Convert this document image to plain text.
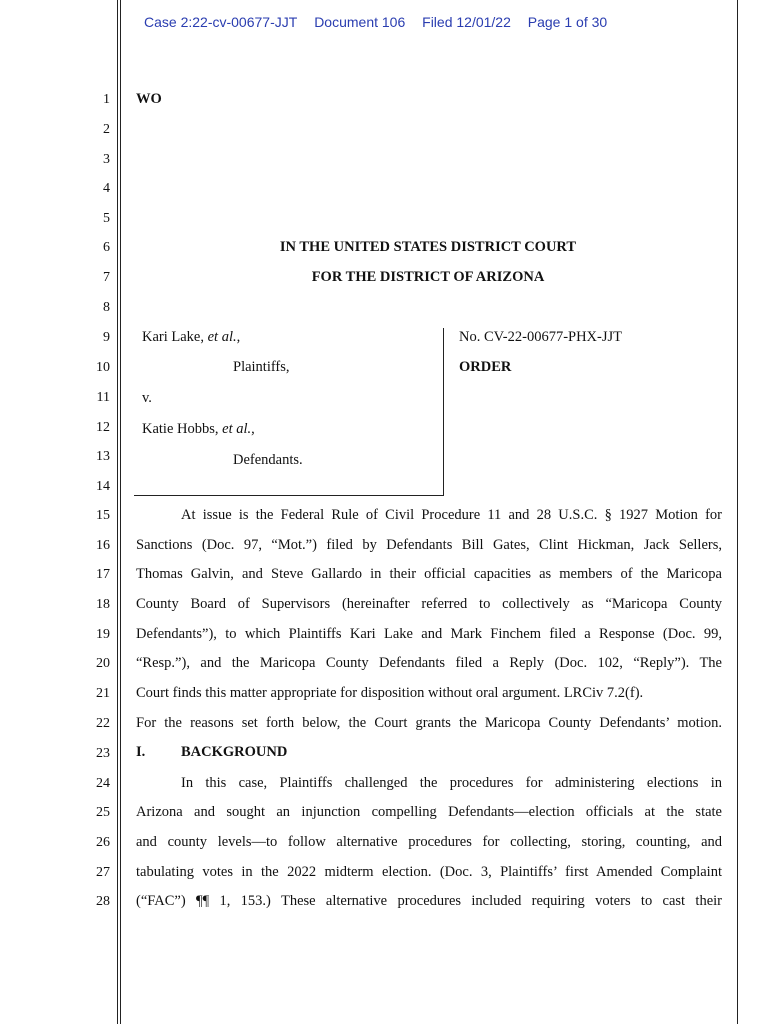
Case 2:22-cv-00677-JJT Document 106 Filed 12/01/22 Page 1 of 30
1
2
3
4
5
6
7
8
9
10
11
12
13
14
15
16
17
18
19
20
21
22
23
24
25
26
27
28
WO
IN THE UNITED STATES DISTRICT COURT
FOR THE DISTRICT OF ARIZONA
Kari Lake, et al.,
Plaintiffs,
v.
Katie Hobbs, et al.,
Defendants.
No. CV-22-00677-PHX-JJT
ORDER
At issue is the Federal Rule of Civil Procedure 11 and 28 U.S.C. § 1927 Motion for
Sanctions (Doc. 97, “Mot.”) filed by Defendants Bill Gates, Clint Hickman, Jack Sellers,
Thomas Galvin, and Steve Gallardo in their official capacities as members of the Maricopa
County Board of Supervisors (hereinafter referred to collectively as “Maricopa County
Defendants”), to which Plaintiffs Kari Lake and Mark Finchem filed a Response (Doc. 99,
“Resp.”), and the Maricopa County Defendants filed a Reply (Doc. 102, “Reply”). The
Court finds this matter appropriate for disposition without oral argument. LRCiv 7.2(f).
For the reasons set forth below, the Court grants the Maricopa County Defendants’ motion.
I. BACKGROUND
In this case, Plaintiffs challenged the procedures for administering elections in
Arizona and sought an injunction compelling Defendants—election officials at the state
and county levels—to follow alternative procedures for collecting, storing, counting, and
tabulating votes in the 2022 midterm election. (Doc. 3, Plaintiffs’ first Amended Complaint
(“FAC”) ¶¶ 1, 153.) These alternative procedures included requiring voters to cast their
